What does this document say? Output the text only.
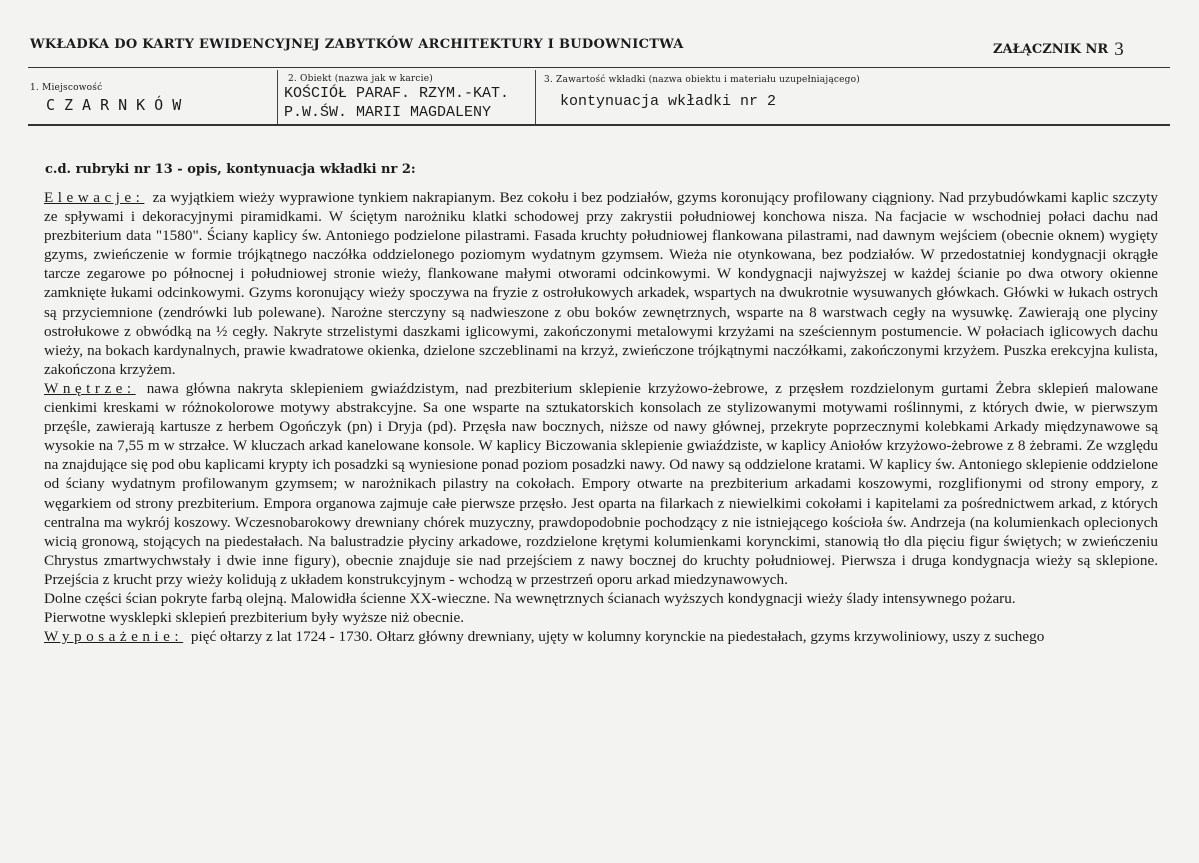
WKŁADKA DO KARTY EWIDENCYJNEJ ZABYTKÓW ARCHITEKTURY I BUDOWNICTWA	ZAŁĄCZNIK NR 3
1. Miejscowość
CZARNKÓW
2. Obiekt (nazwa jak w karcie)
KOŚCIÓŁ PARAF. RZYM.-KAT.
P.W.ŚW. MARII MAGDALENY
3. Zawartość wkładki (nazwa obiektu i materiału uzupełniającego)
kontynuacja wkładki nr 2
c.d. rubryki nr 13 - opis, kontynuacja wkładki nr 2:

Elewacje: za wyjątkiem wieży wyprawione tynkiem nakrapianym. Bez cokołu i bez podziałów, gzyms koronujący profilowany ciągniony. Nad przybudówkami kaplic szczyty ze spływami i dekoracyjnymi piramidkami. W ściętym narożniku klatki schodowej przy zakrystii południowej konchowa nisza. Na facjacie w wschodniej połaci dachu nad prezbiterium data "1580". Ściany kaplicy św. Antoniego podzielone pilastrami. Fasada kruchty południowej flankowana pilastrami, nad dawnym wejściem (obecnie oknem) wygięty gzyms, zwieńczenie w formie trójkątnego naczółka oddzielonego poziomym wydatnym gzymsem. Wieża nie otynkowana, bez podziałów. W przedostatniej kondygnacji okrągłe tarcze zegarowe po północnej i południowej stronie wieży, flankowane małymi otworami odcinkowymi. W kondygnacji najwyższej w każdej ścianie po dwa otwory okienne zamknięte łukami odcinkowymi. Gzyms koronujący wieży spoczywa na fryzie z ostrołukowych arkadek, wspartych na dwukrotnie wysuwanych główkach. Główki w łukach ostrych są przyciemnione (zendrówki lub polewane). Narożne sterczyny są nadwieszone z obu boków zewnętrznych, wsparte na 8 warstwach cegły na wysuwkę. Zawierają one plyciny ostrołukowe z obwódką na ½ cegły. Nakryte strzelistymi daszkami iglicowymi, zakończonymi metalowymi krzyżami na sześciennym postumencie. W połaciach iglicowych dachu wieży, na bokach kardynalnych, prawie kwadratowe okienka, dzielone szczeblinami na krzyż, zwieńczone trójkątnymi naczółkami, zakończonymi krzyżem. Puszka erekcyjna kulista, zakończona krzyżem.

Wnętrze: nawa główna nakryta sklepieniem gwiaździstym, nad prezbiterium sklepienie krzyżowo-żebrowe, z przęsłem rozdzielonym gurtami Żebra sklepień malowane cienkimi kreskami w różnokolorowe motywy abstrakcyjne. Sa one wsparte na sztukatorskich konsolach ze stylizowanymi motywami roślinnymi, z których dwie, w pierwszym przęśle, zawierają kartusze z herbem Ogończyk (pn) i Dryja (pd). Przęsła naw bocznych, niższe od nawy głównej, przekryte poprzecznymi kolebkami Arkady międzynawowe są wysokie na 7,55 m w strzałce. W kluczach arkad kanelowane konsole. W kaplicy Biczowania sklepienie gwiaździste, w kaplicy Aniołów krzyżowo-żebrowe z 8 żebrami. Ze względu na znajdujące się pod obu kaplicami krypty ich posadzki są wyniesione ponad poziom posadzki nawy. Od nawy są oddzielone kratami. W kaplicy św. Antoniego sklepienie oddzielone od ściany wydatnym profilowanym gzymsem; w narożnikach pilastry na cokołach. Empory otwarte na prezbiterium arkadami koszowymi, rozglifionymi od strony empory, z węgarkiem od strony prezbiterium. Empora organowa zajmuje całe pierwsze przęsło. Jest oparta na filarkach z niewielkimi cokołami i kapitelami za pośrednictwem arkad, z których centralna ma wykrój koszowy. Wczesnobarokowy drewniany chórek muzyczny, prawdopodobnie pochodzący z nie istniejącego kościoła św. Andrzeja (na kolumienkach oplecionych wicią gronową, stojących na piedestałach. Na balustradzie płyciny arkadowe, rozdzielone krętymi kolumienkami korynckimi, stanowią tło dla pięciu figur świętych; w zwieńczeniu Chrystus zmartwychwstały i dwie inne figury), obecnie znajduje sie nad przejściem z nawy bocznej do kruchty południowej. Pierwsza i druga kondygnacja wieży są sklepione. Przejścia z krucht przy wieży kolidują z układem konstrukcyjnym - wchodzą w przestrzeń oporu arkad miedzynawowych.

Dolne części ścian pokryte farbą olejną. Malowidła ścienne XX-wieczne. Na wewnętrznych ścianach wyższych kondygnacji wieży ślady intensywnego pożaru.

Pierwotne wysklepki sklepień prezbiterium były wyższe niż obecnie.

Wyposażenie: pięć ołtarzy z lat 1724 - 1730. Ołtarz główny drewniany, ujęty w kolumny korynckie na piedestałach, gzyms krzywoliniowy, uszy z suchego
